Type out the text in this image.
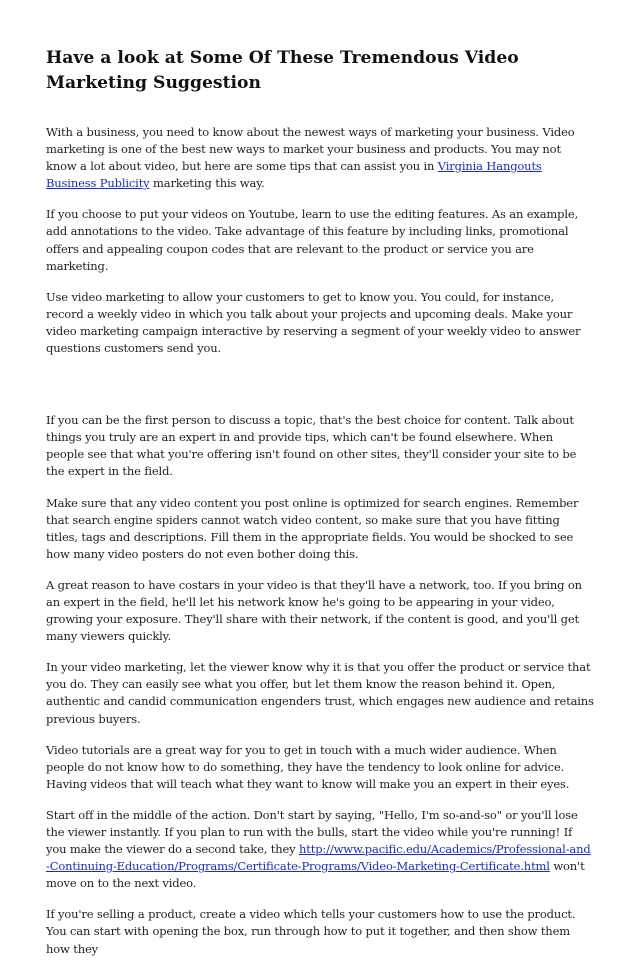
Have a look at Some Of These Tremendous Video Marketing Suggestion

With a business, you need to know about the newest ways of marketing your business. Video marketing is one of the best new ways to market your business and products. You may not know a lot about video, but here are some tips that can assist you in Virginia Hangouts Business Publicity marketing this way.

If you choose to put your videos on Youtube, learn to use the editing features. As an example, add annotations to the video. Take advantage of this feature by including links, promotional offers and appealing coupon codes that are relevant to the product or service you are marketing.

Use video marketing to allow your customers to get to know you. You could, for instance, record a weekly video in which you talk about your projects and upcoming deals. Make your video marketing campaign interactive by reserving a segment of your weekly video to answer questions customers send you.

If you can be the first person to discuss a topic, that's the best choice for content. Talk about things you truly are an expert in and provide tips, which can't be found elsewhere. When people see that what you're offering isn't found on other sites, they'll consider your site to be the expert in the field.

Make sure that any video content you post online is optimized for search engines. Remember that search engine spiders cannot watch video content, so make sure that you have fitting titles, tags and descriptions. Fill them in the appropriate fields. You would be shocked to see how many video posters do not even bother doing this.

A great reason to have costars in your video is that they'll have a network, too. If you bring on an expert in the field, he'll let his network know he's going to be appearing in your video, growing your exposure. They'll share with their network, if the content is good, and you'll get many viewers quickly.

In your video marketing, let the viewer know why it is that you offer the product or service that you do. They can easily see what you offer, but let them know the reason behind it. Open, authentic and candid communication engenders trust, which engages new audience and retains previous buyers.

Video tutorials are a great way for you to get in touch with a much wider audience. When people do not know how to do something, they have the tendency to look online for advice. Having videos that will teach what they want to know will make you an expert in their eyes.

Start off in the middle of the action. Don't start by saying, "Hello, I'm so-and-so" or you'll lose the viewer instantly. If you plan to run with the bulls, start the video while you're running! If you make the viewer do a second take, they http://www.pacific.edu/Academics/Professional-and-Continuing-Education/Programs/Certificate-Programs/Video-Marketing-Certificate.html won't move on to the next video.

If you're selling a product, create a video which tells your customers how to use the product. You can start with opening the box, run through how to put it together, and then show them how they
